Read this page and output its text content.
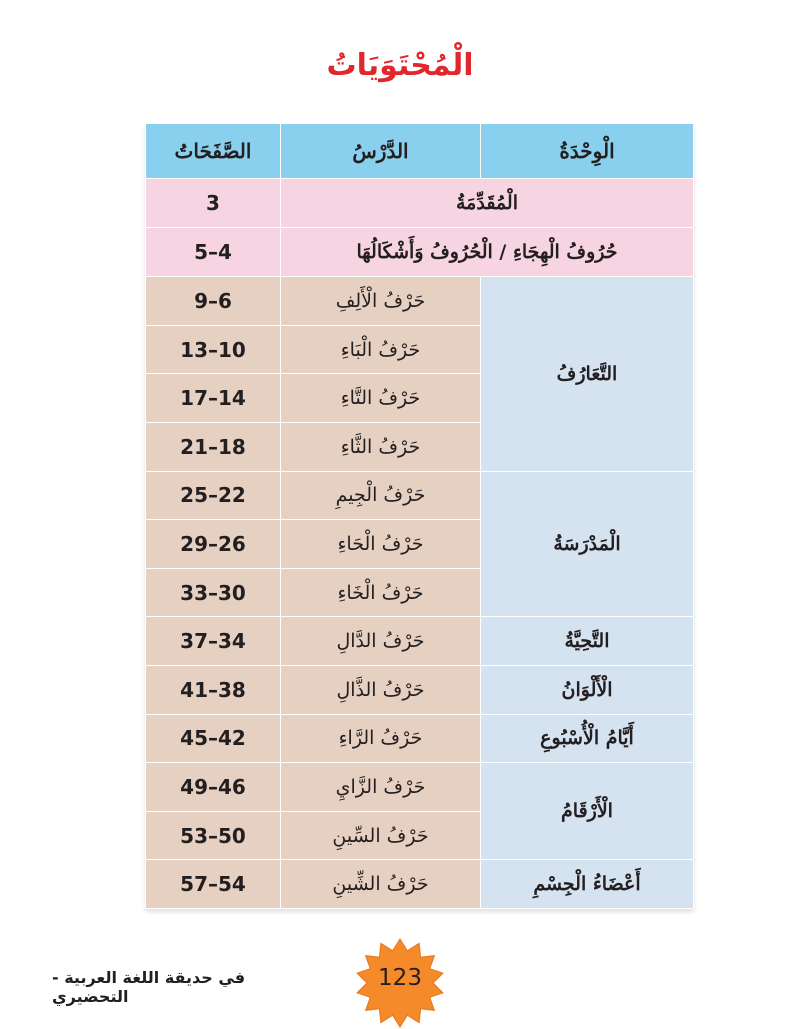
الْمُحْتَوَيَاتُ
الصَّفَحَاتُ	الدَّرْسُ	الْوِحْدَةُ
3	الْمُقَدِّمَةُ	
5–4	حُرُوفُ الْهِجَاءِ / الْحُرُوفُ وَأَشْكَالُهَا	
9–6	حَرْفُ الْأَلِفِ	التَّعَارُفُ
13–10	حَرْفُ الْبَاءِ	
17–14	حَرْفُ التَّاءِ	
21–18	حَرْفُ الثَّاءِ	
25–22	حَرْفُ الْجِيمِ	الْمَدْرَسَةُ
29–26	حَرْفُ الْحَاءِ	
33–30	حَرْفُ الْخَاءِ	
37–34	حَرْفُ الدَّالِ	التَّحِيَّةُ
41–38	حَرْفُ الذَّالِ	الْأَلْوَانُ
45–42	حَرْفُ الرَّاءِ	أَيَّامُ الْأُسْبُوعِ
49–46	حَرْفُ الزَّايِ	الْأَرْقَامُ
53–50	حَرْفُ السِّينِ	
57–54	حَرْفُ الشِّينِ	أَعْضَاءُ الْجِسْمِ
في حديقة اللغة العربية - التحضيري
123
